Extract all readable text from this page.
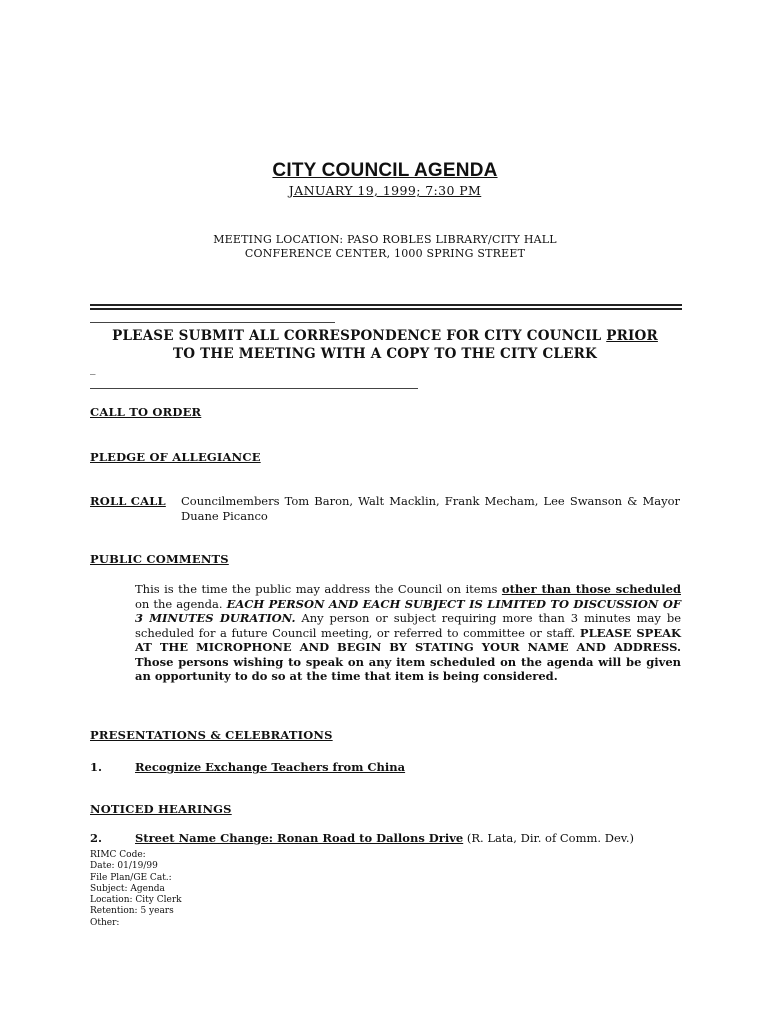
CITY COUNCIL AGENDA
JANUARY 19, 1999; 7:30 PM
MEETING LOCATION: PASO ROBLES LIBRARY/CITY HALL
CONFERENCE CENTER, 1000 SPRING STREET
PLEASE SUBMIT ALL CORRESPONDENCE FOR CITY COUNCIL PRIOR
TO THE MEETING WITH A COPY TO THE CITY CLERK
_
CALL TO ORDER
PLEDGE OF ALLEGIANCE
ROLL CALL Councilmembers Tom Baron, Walt Macklin, Frank Mecham, Lee Swanson & Mayor Duane Picanco
PUBLIC COMMENTS
This is the time the public may address the Council on items other than those scheduled on the agenda. EACH PERSON AND EACH SUBJECT IS LIMITED TO DISCUSSION OF 3 MINUTES DURATION. Any person or subject requiring more than 3 minutes may be scheduled for a future Council meeting, or referred to committee or staff. PLEASE SPEAK AT THE MICROPHONE AND BEGIN BY STATING YOUR NAME AND ADDRESS. Those persons wishing to speak on any item scheduled on the agenda will be given an opportunity to do so at the time that item is being considered.
PRESENTATIONS & CELEBRATIONS
1.	Recognize Exchange Teachers from China
NOTICED HEARINGS
2.	Street Name Change: Ronan Road to Dallons Drive (R. Lata, Dir. of Comm. Dev.)
RIMC Code:
Date: 01/19/99
File Plan/GE Cat.:
Subject: Agenda
Location: City Clerk
Retention: 5 years
Other:
